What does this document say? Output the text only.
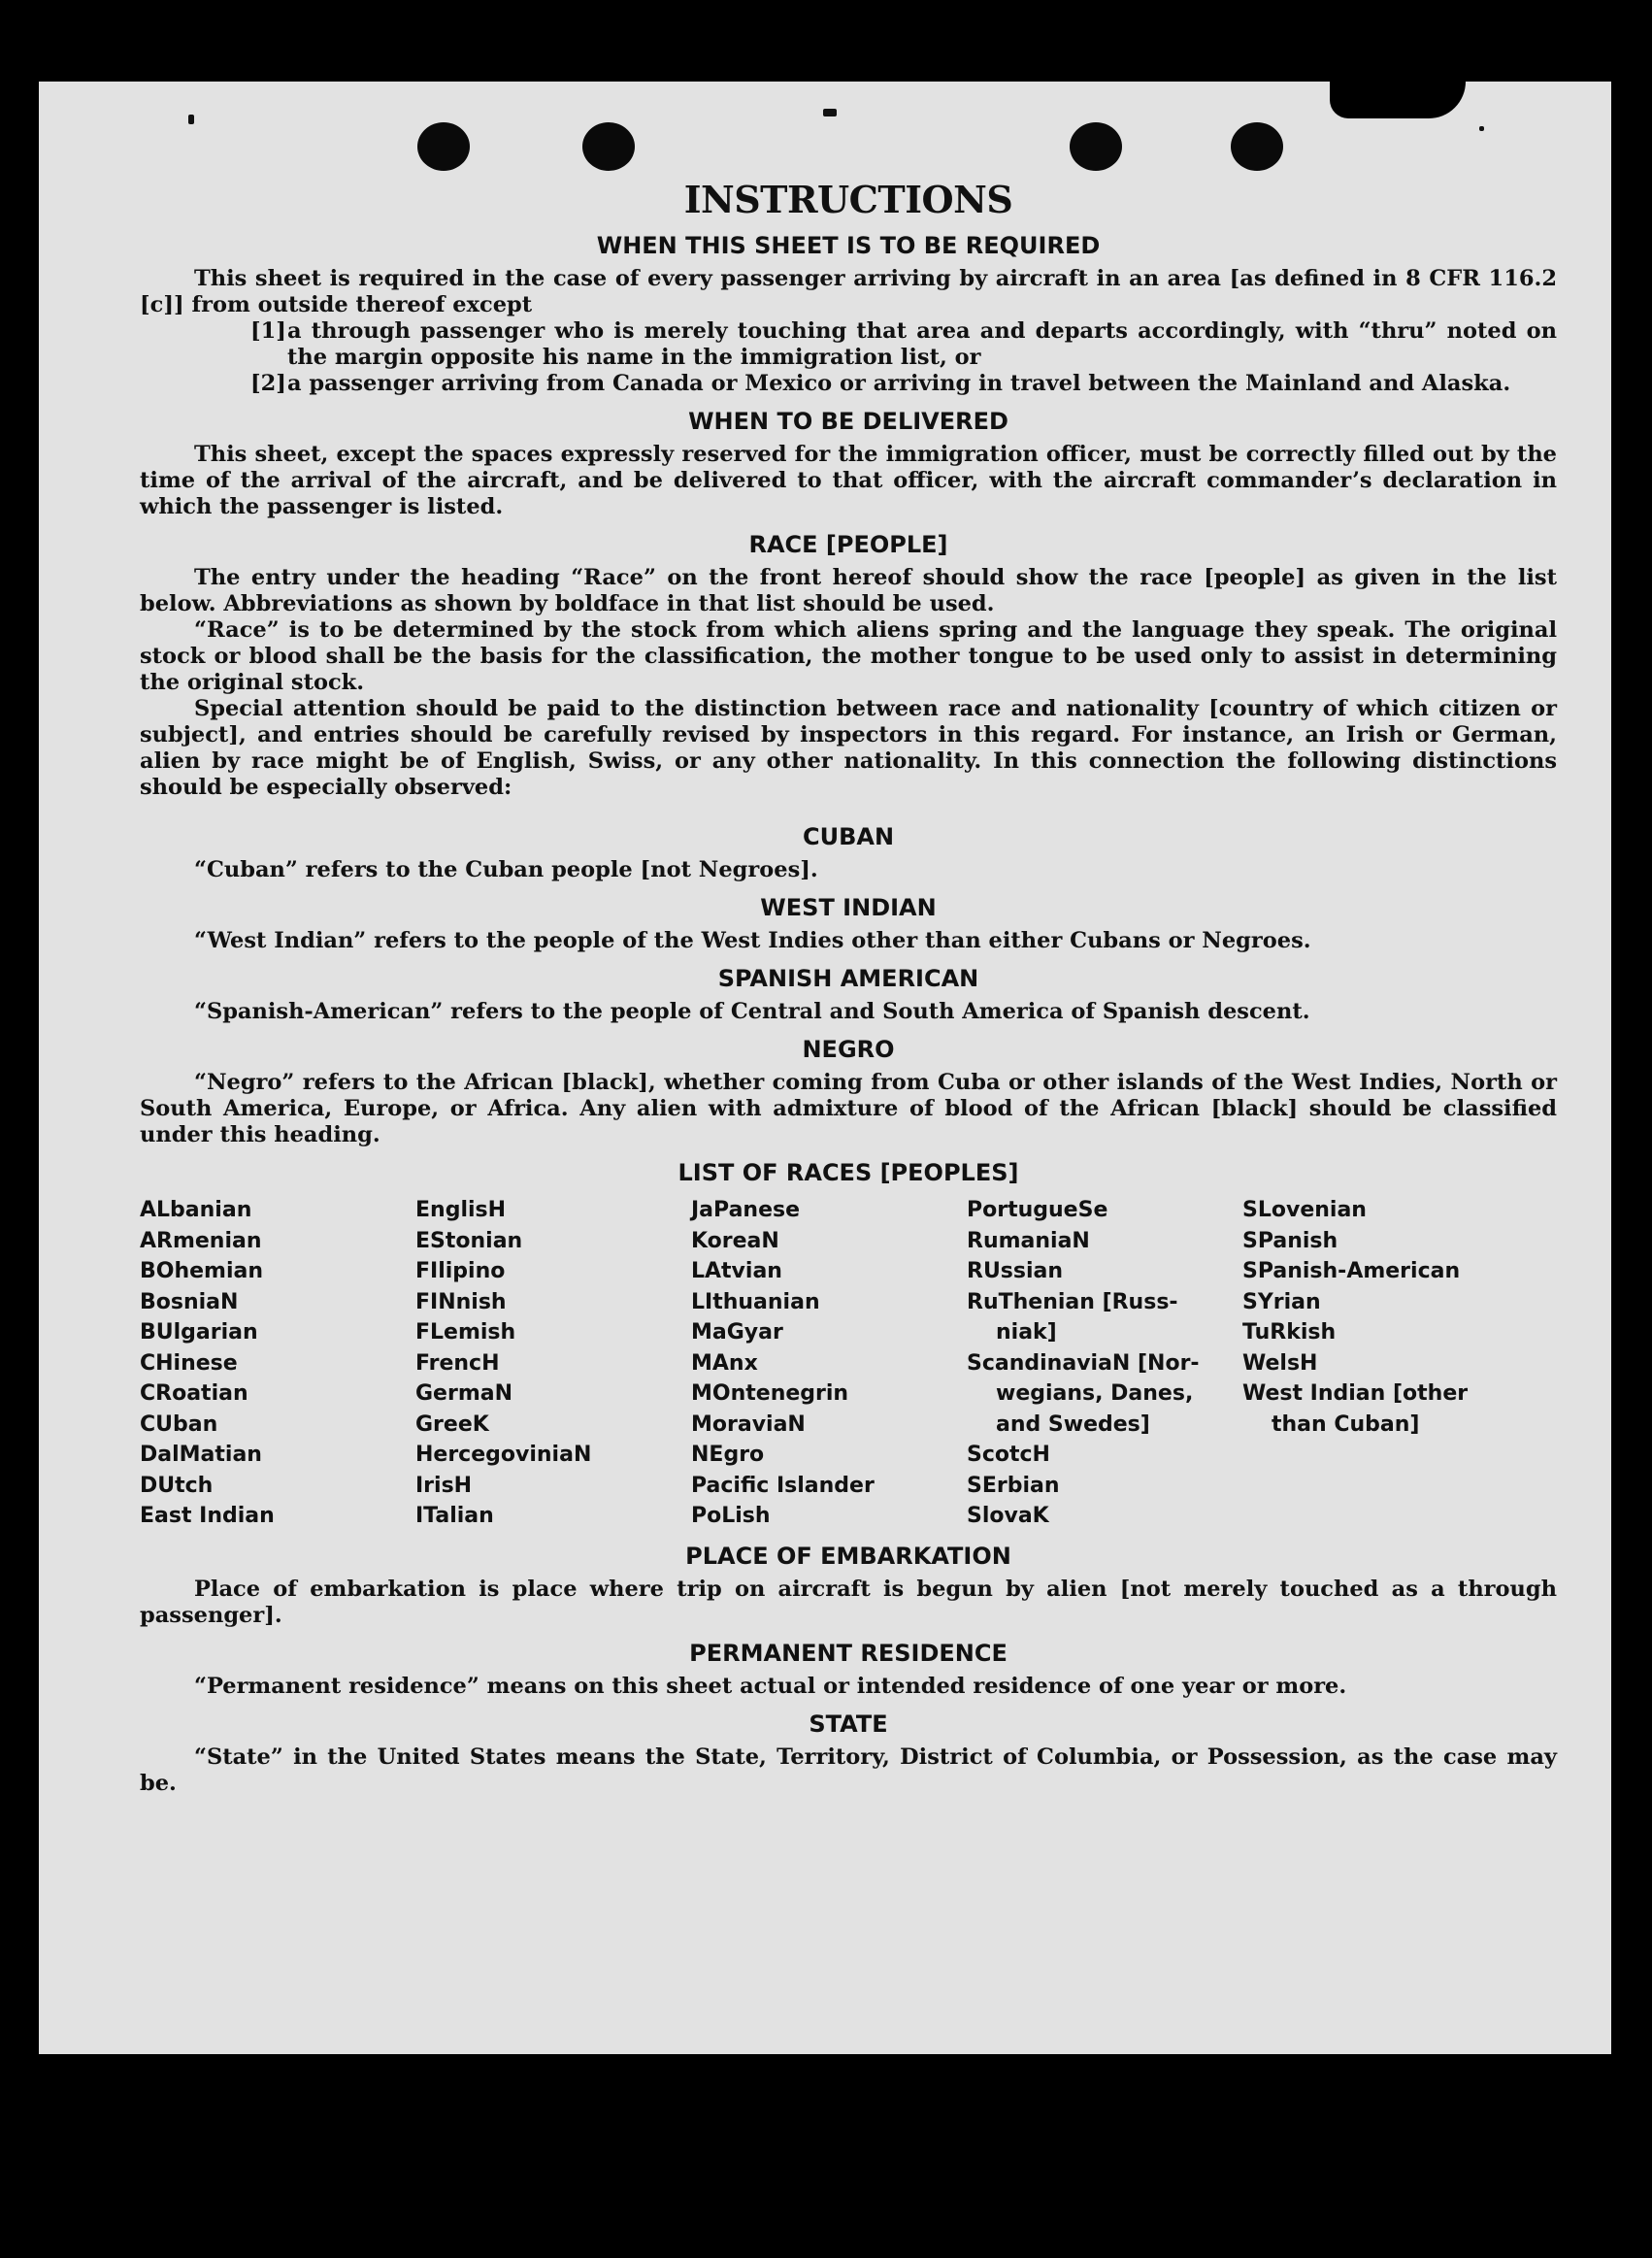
INSTRUCTIONS
WHEN THIS SHEET IS TO BE REQUIRED

This sheet is required in the case of every passenger arriving by aircraft in an area [as defined in 8 CFR 116.2 [c]] from outside thereof except

[1] a through passenger who is merely touching that area and departs accordingly, with “thru” noted on the margin opposite his name in the immigration list, or
[2] a passenger arriving from Canada or Mexico or arriving in travel between the Mainland and Alaska.
WHEN TO BE DELIVERED

This sheet, except the spaces expressly reserved for the immigration officer, must be correctly filled out by the time of the arrival of the aircraft, and be delivered to that officer, with the aircraft commander’s declaration in which the passenger is listed.

RACE [PEOPLE]

The entry under the heading “Race” on the front hereof should show the race [people] as given in the list below. Abbreviations as shown by boldface in that list should be used.

“Race” is to be determined by the stock from which aliens spring and the language they speak. The original stock or blood shall be the basis for the classification, the mother tongue to be used only to assist in determining the original stock.

Special attention should be paid to the distinction between race and nationality [country of which citizen or subject], and entries should be carefully revised by inspectors in this regard. For instance, an Irish or German, alien by race might be of English, Swiss, or any other nationality. In this connection the following distinctions should be especially observed:

CUBAN

“Cuban” refers to the Cuban people [not Negroes].

WEST INDIAN

“West Indian” refers to the people of the West Indies other than either Cubans or Negroes.

SPANISH AMERICAN

“Spanish-American” refers to the people of Central and South America of Spanish descent.

NEGRO

“Negro” refers to the African [black], whether coming from Cuba or other islands of the West Indies, North or South America, Europe, or Africa. Any alien with admixture of blood of the African [black] should be classified under this heading.

LIST OF RACES [PEOPLES]
ALbanian
ARmenian
BOhemian
BosniaN
BUlgarian
CHinese
CRoatian
CUban
DalMatian
DUtch
East Indian
EnglisH
EStonian
FIlipino
FINnish
FLemish
FrencH
GermaN
GreeK
HercegoviniaN
IrisH
ITalian
JaPanese
KoreaN
LAtvian
LIthuanian
MaGyar
MAnx
MOntenegrin
MoraviaN
NEgro
Pacific Islander
PoLish
PortugueSe
RumaniaN
RUssian
RuThenian [Russ-
niak]
ScandinaviaN [Nor-
wegians, Danes,
and Swedes]
ScotcH
SErbian
SlovaK
SLovenian
SPanish
SPanish-American
SYrian
TuRkish
WelsH
West Indian [other
than Cuban]
PLACE OF EMBARKATION

Place of embarkation is place where trip on aircraft is begun by alien [not merely touched as a through passenger].

PERMANENT RESIDENCE

“Permanent residence” means on this sheet actual or intended residence of one year or more.

STATE

“State” in the United States means the State, Territory, District of Columbia, or Possession, as the case may be.
